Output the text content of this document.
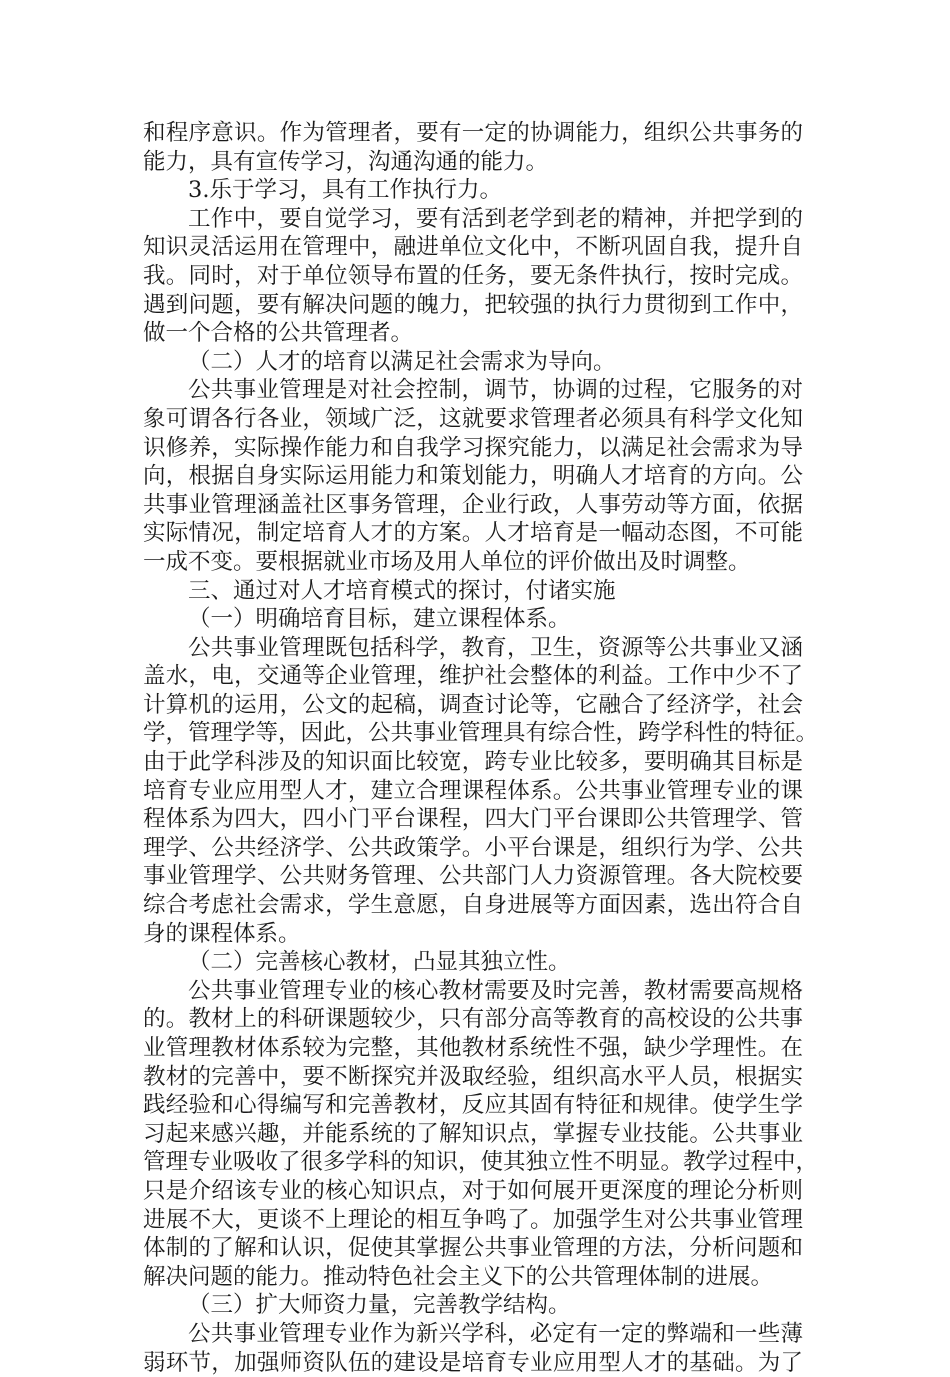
和程序意识。作为管理者，要有一定的协调能力，组织公共事务的
能力，具有宣传学习，沟通沟通的能力。
3.乐于学习，具有工作执行力。
工作中，要自觉学习，要有活到老学到老的精神，并把学到的
知识灵活运用在管理中，融进单位文化中，不断巩固自我，提升自
我。同时，对于单位领导布置的任务，要无条件执行，按时完成。
遇到问题，要有解决问题的魄力，把较强的执行力贯彻到工作中，
做一个合格的公共管理者。
（二）人才的培育以满足社会需求为导向。
公共事业管理是对社会控制，调节，协调的过程，它服务的对
象可谓各行各业，领域广泛，这就要求管理者必须具有科学文化知
识修养，实际操作能力和自我学习探究能力，以满足社会需求为导
向，根据自身实际运用能力和策划能力，明确人才培育的方向。公
共事业管理涵盖社区事务管理，企业行政，人事劳动等方面，依据
实际情况，制定培育人才的方案。人才培育是一幅动态图，不可能
一成不变。要根据就业市场及用人单位的评价做出及时调整。
三、通过对人才培育模式的探讨，付诸实施
（一）明确培育目标，建立课程体系。
公共事业管理既包括科学，教育，卫生，资源等公共事业又涵
盖水，电，交通等企业管理，维护社会整体的利益。工作中少不了
计算机的运用，公文的起稿，调查讨论等，它融合了经济学，社会
学，管理学等，因此，公共事业管理具有综合性，跨学科性的特征。
由于此学科涉及的知识面比较宽，跨专业比较多，要明确其目标是
培育专业应用型人才，建立合理课程体系。公共事业管理专业的课
程体系为四大，四小门平台课程，四大门平台课即公共管理学、管
理学、公共经济学、公共政策学。小平台课是，组织行为学、公共
事业管理学、公共财务管理、公共部门人力资源管理。各大院校要
综合考虑社会需求，学生意愿，自身进展等方面因素，选出符合自
身的课程体系。
（二）完善核心教材，凸显其独立性。
公共事业管理专业的核心教材需要及时完善，教材需要高规格
的。教材上的科研课题较少，只有部分高等教育的高校设的公共事
业管理教材体系较为完整，其他教材系统性不强，缺少学理性。在
教材的完善中，要不断探究并汲取经验，组织高水平人员，根据实
践经验和心得编写和完善教材，反应其固有特征和规律。使学生学
习起来感兴趣，并能系统的了解知识点，掌握专业技能。公共事业
管理专业吸收了很多学科的知识，使其独立性不明显。教学过程中，
只是介绍该专业的核心知识点，对于如何展开更深度的理论分析则
进展不大，更谈不上理论的相互争鸣了。加强学生对公共事业管理
体制的了解和认识，促使其掌握公共事业管理的方法，分析问题和
解决问题的能力。推动特色社会主义下的公共管理体制的进展。
（三）扩大师资力量，完善教学结构。
公共事业管理专业作为新兴学科，必定有一定的弊端和一些薄
弱环节，加强师资队伍的建设是培育专业应用型人才的基础。为了
